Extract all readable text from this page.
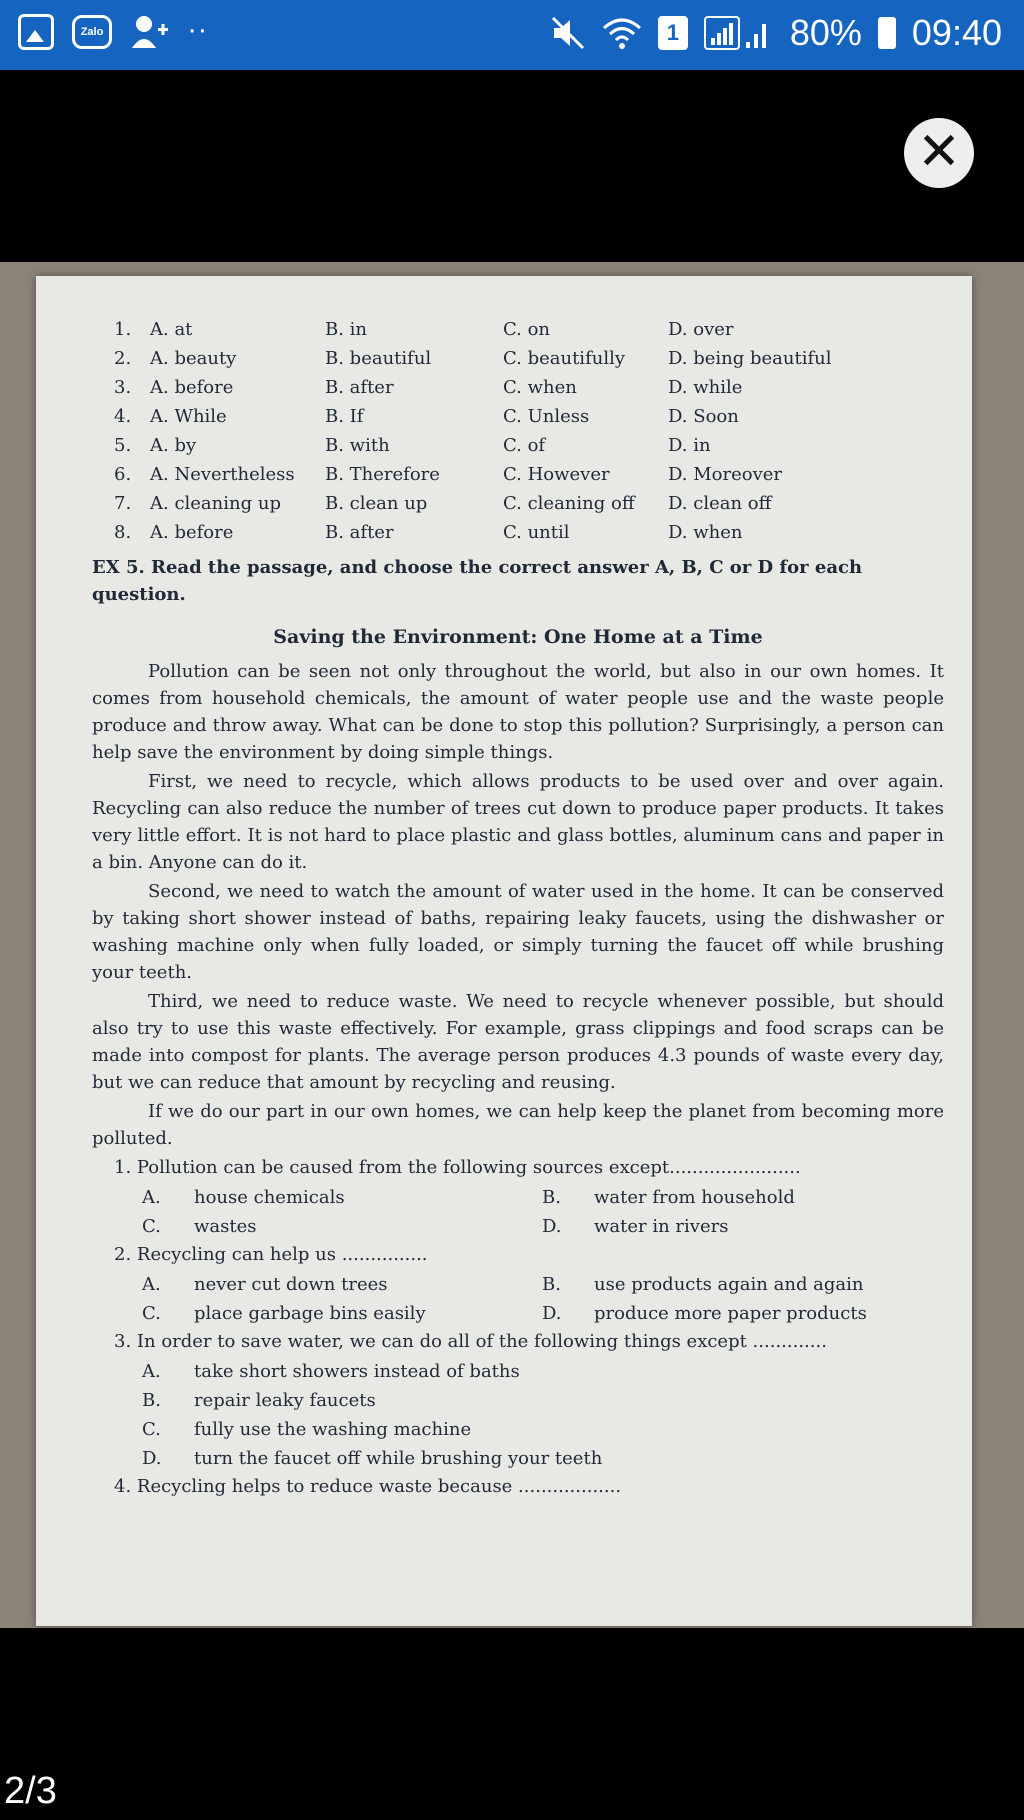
Zalo	··	1	80% 09:40
✕
1.	A. at	B. in	C. on	D. over
2.	A. beauty	B. beautiful	C. beautifully	D. being beautiful
3.	A. before	B. after	C. when	D. while
4.	A. While	B. If	C. Unless	D. Soon
5.	A. by	B. with	C. of	D. in
6.	A. Nevertheless	B. Therefore	C. However	D. Moreover
7.	A. cleaning up	B. clean up	C. cleaning off	D. clean off
8.	A. before	B. after	C. until	D. when
EX 5. Read the passage, and choose the correct answer A, B, C or D for each question.
Saving the Environment: One Home at a Time

Pollution can be seen not only throughout the world, but also in our own homes. It comes from household chemicals, the amount of water people use and the waste people produce and throw away. What can be done to stop this pollution? Surprisingly, a person can help save the environment by doing simple things.

First, we need to recycle, which allows products to be used over and over again. Recycling can also reduce the number of trees cut down to produce paper products. It takes very little effort. It is not hard to place plastic and glass bottles, aluminum cans and paper in a bin. Anyone can do it.

Second, we need to watch the amount of water used in the home. It can be conserved by taking short shower instead of baths, repairing leaky faucets, using the dishwasher or washing machine only when fully loaded, or simply turning the faucet off while brushing your teeth.

Third, we need to reduce waste. We need to recycle whenever possible, but should also try to use this waste effectively. For example, grass clippings and food scraps can be made into compost for plants. The average person produces 4.3 pounds of waste every day, but we can reduce that amount by recycling and reusing.

If we do our part in our own homes, we can help keep the planet from becoming more polluted.

1. Pollution can be caused from the following sources except.......................
A.	house chemicals	B.	water from household
C.	wastes	D.	water in rivers
2. Recycling can help us ...............
A.	never cut down trees	B.	use products again and again
C.	place garbage bins easily	D.	produce more paper products
3. In order to save water, we can do all of the following things except .............
A.	take short showers instead of baths
B.	repair leaky faucets
C.	fully use the washing machine
D.	turn the faucet off while brushing your teeth
4. Recycling helps to reduce waste because ..................
2/3
